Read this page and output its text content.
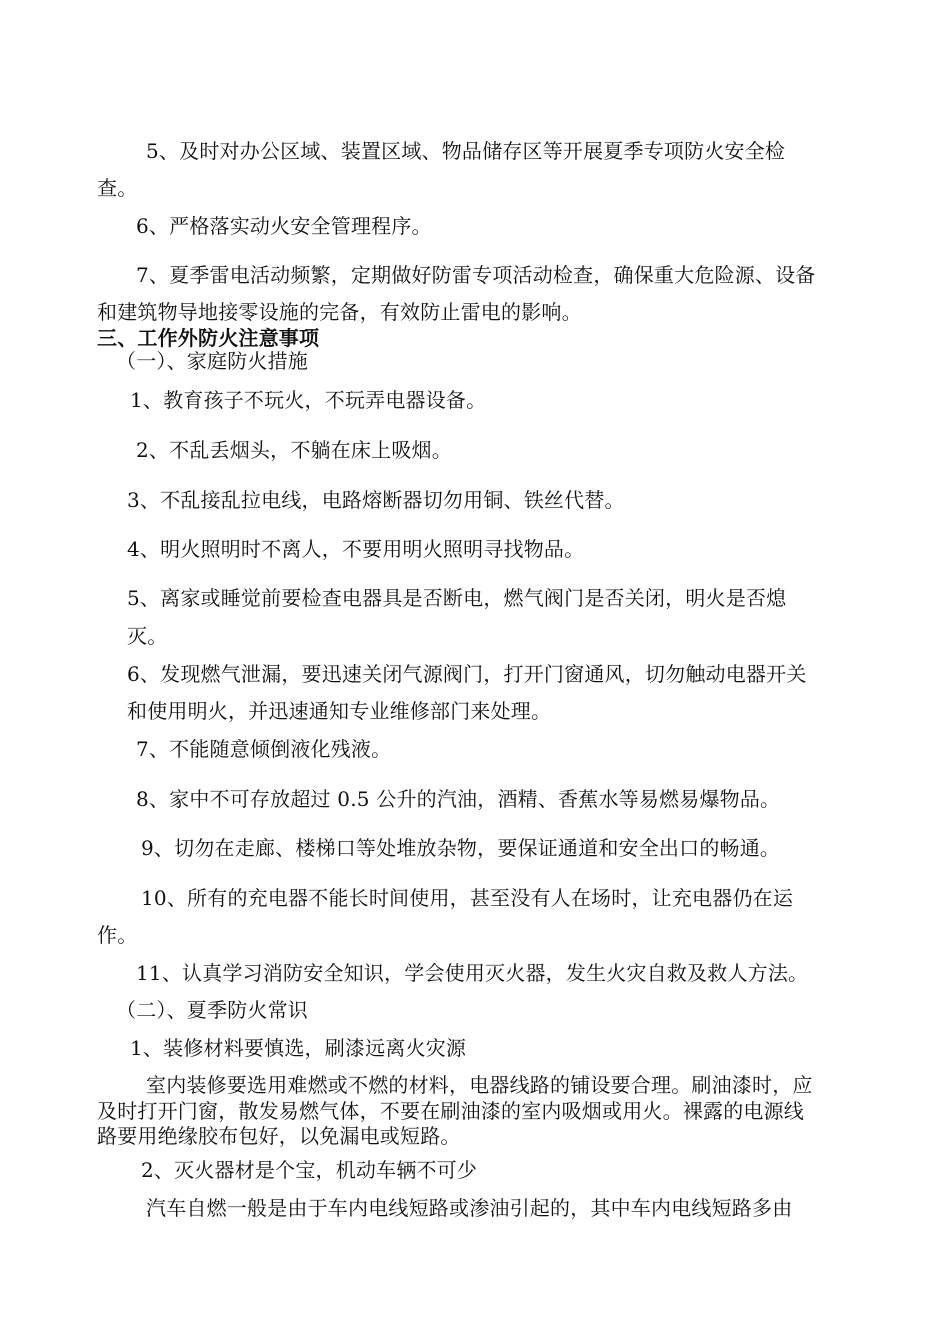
5、及时对办公区域、装置区域、物品储存区等开展夏季专项防火安全检
查。
6、严格落实动火安全管理程序。
7、夏季雷电活动频繁，定期做好防雷专项活动检查，确保重大危险源、设备
和建筑物导地接零设施的完备，有效防止雷电的影响。
三、工作外防火注意事项
（一）、家庭防火措施
1、教育孩子不玩火，不玩弄电器设备。
2、不乱丢烟头，不躺在床上吸烟。
3、不乱接乱拉电线，电路熔断器切勿用铜、铁丝代替。
4、明火照明时不离人，不要用明火照明寻找物品。
5、离家或睡觉前要检查电器具是否断电，燃气阀门是否关闭，明火是否熄
灭。
6、发现燃气泄漏，要迅速关闭气源阀门，打开门窗通风，切勿触动电器开关
和使用明火，并迅速通知专业维修部门来处理。
7、不能随意倾倒液化残液。
8、家中不可存放超过 0.5 公升的汽油，酒精、香蕉水等易燃易爆物品。
9、切勿在走廊、楼梯口等处堆放杂物，要保证通道和安全出口的畅通。
10、所有的充电器不能长时间使用，甚至没有人在场时，让充电器仍在运
作。
11、认真学习消防安全知识，学会使用灭火器，发生火灾自救及救人方法。
（二）、夏季防火常识
1、装修材料要慎选，刷漆远离火灾源
室内装修要选用难燃或不燃的材料，电器线路的铺设要合理。刷油漆时，应
及时打开门窗，散发易燃气体，不要在刷油漆的室内吸烟或用火。裸露的电源线
路要用绝缘胶布包好，以免漏电或短路。
2、灭火器材是个宝，机动车辆不可少
汽车自燃一般是由于车内电线短路或渗油引起的，其中车内电线短路多由
